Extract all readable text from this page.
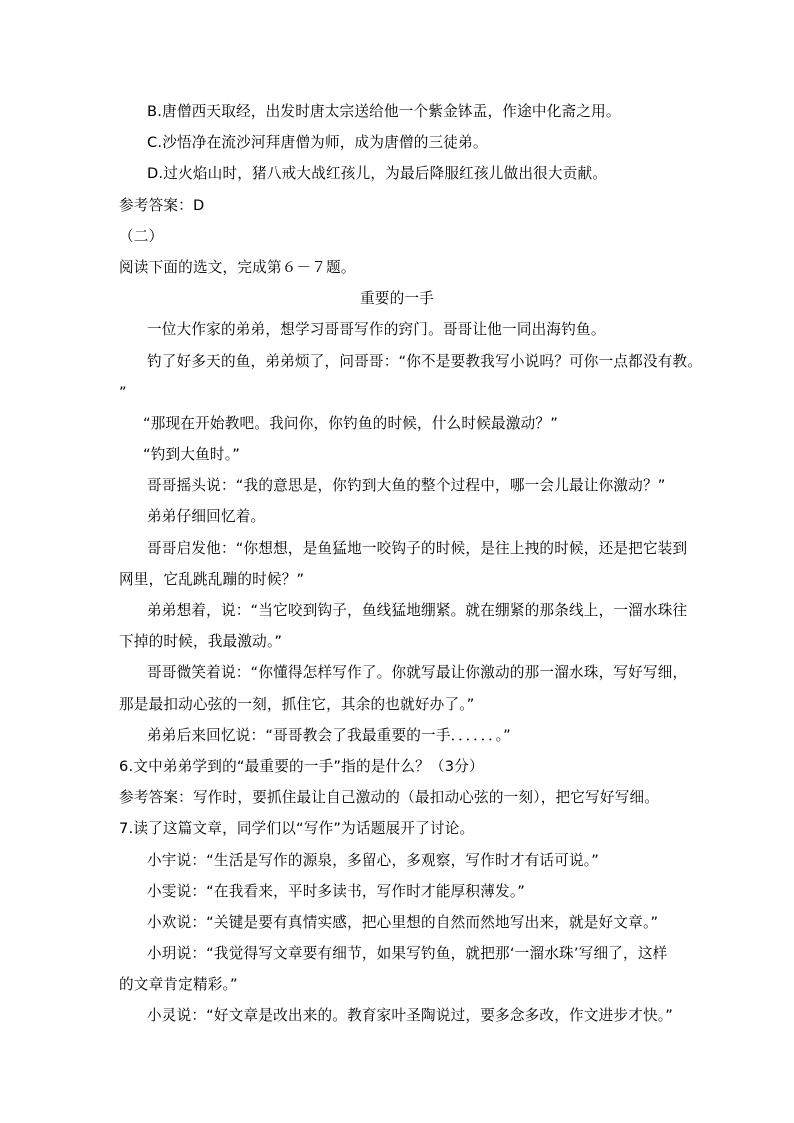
B.唐僧西天取经，出发时唐太宗送给他一个紫金钵盂，作途中化斋之用。
C.沙悟净在流沙河拜唐僧为师，成为唐僧的三徒弟。
D.过火焰山时，猪八戒大战红孩儿，为最后降服红孩儿做出很大贡献。
参考答案：D
（二）
阅读下面的选文，完成第６－７题。
重要的一手
一位大作家的弟弟，想学习哥哥写作的窍门。哥哥让他一同出海钓鱼。
钓了好多天的鱼，弟弟烦了，问哥哥：“你不是要教我写小说吗？可你一点都没有教。
”
“那现在开始教吧。我问你，你钓鱼的时候，什么时候最激动？”
“钓到大鱼时。”
哥哥摇头说：“我的意思是，你钓到大鱼的整个过程中，哪一会儿最让你激动？”
弟弟仔细回忆着。
哥哥启发他：“你想想，是鱼猛地一咬钩子的时候，是往上拽的时候，还是把它装到
网里，它乱跳乱蹦的时候？”
弟弟想着，说：“当它咬到钩子，鱼线猛地绷紧。就在绷紧的那条线上，一溜水珠往
下掉的时候，我最激动。”
哥哥微笑着说：“你懂得怎样写作了。你就写最让你激动的那一溜水珠，写好写细，
那是最扣动心弦的一刻，抓住它，其余的也就好办了。”
弟弟后来回忆说：“哥哥教会了我最重要的一手．．．．．．。”
6.文中弟弟学到的“最重要的一手”指的是什么？（3分）
参考答案：写作时，要抓住最让自己激动的（最扣动心弦的一刻），把它写好写细。
7.读了这篇文章，同学们以“写作”为话题展开了讨论。
小宇说：“生活是写作的源泉，多留心，多观察，写作时才有话可说。”
小雯说：“在我看来，平时多读书，写作时才能厚积薄发。”
小欢说：“关键是要有真情实感，把心里想的自然而然地写出来，就是好文章。”
小玥说：“我觉得写文章要有细节，如果写钓鱼，就把那‘一溜水珠’写细了，这样
的文章肯定精彩。”
小灵说：“好文章是改出来的。教育家叶圣陶说过，要多念多改，作文进步才快。”
